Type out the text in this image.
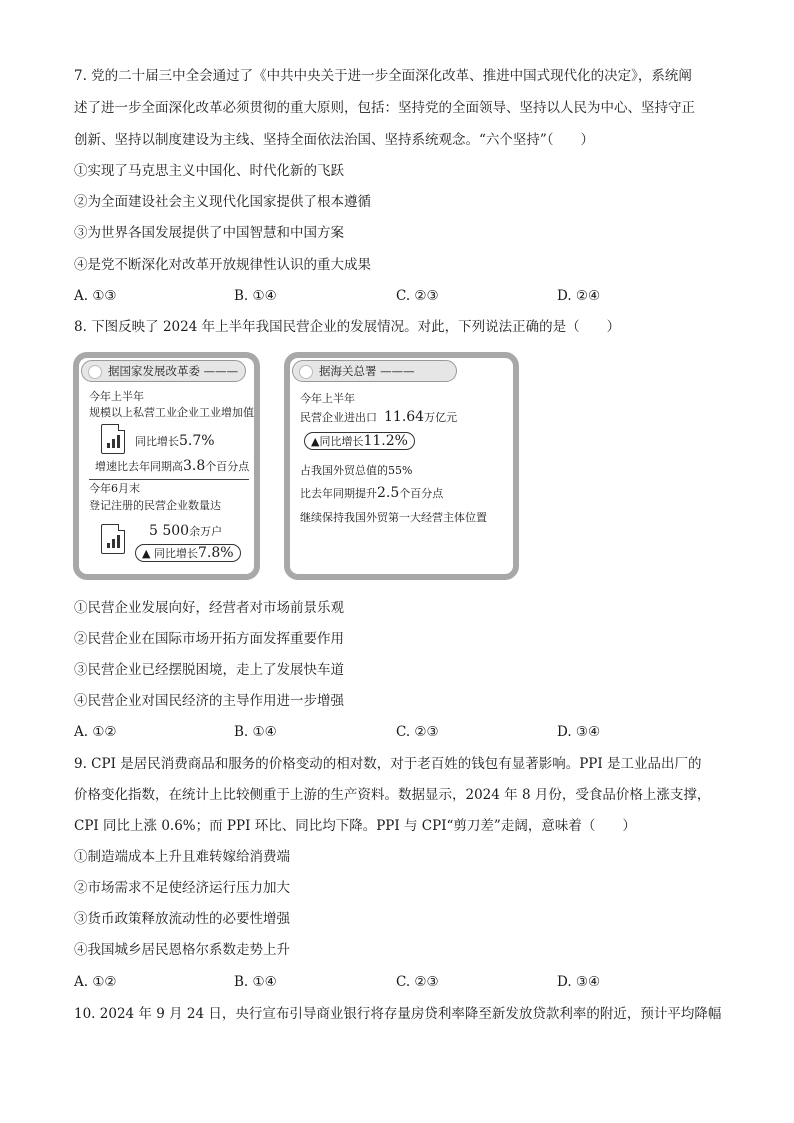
7. 党的二十届三中全会通过了《中共中央关于进一步全面深化改革、推进中国式现代化的决定》，系统阐
述了进一步全面深化改革必须贯彻的重大原则，包括：坚持党的全面领导、坚持以人民为中心、坚持守正
创新、坚持以制度建设为主线、坚持全面依法治国、坚持系统观念。“六个坚持”（　　）
①实现了马克思主义中国化、时代化新的飞跃
②为全面建设社会主义现代化国家提供了根本遵循
③为世界各国发展提供了中国智慧和中国方案
④是党不断深化对改革开放规律性认识的重大成果
A. ①③	B. ①④	C. ②③	D. ②④
8. 下图反映了 2024 年上半年我国民营企业的发展情况。对此，下列说法正确的是（　　）
据国家发展改革委 ———
今年上半年
规模以上私营工业企业工业增加值
同比增长5.7%
增速比去年同期高3.8个百分点
今年6月末
登记注册的民营企业数量达
5 500余万户
▲ 同比增长7.8%
据海关总署 ———
今年上半年
民营企业进出口 11.64万亿元
▲同比增长11.2%
占我国外贸总值的55%
比去年同期提升2.5个百分点
继续保持我国外贸第一大经营主体位置
①民营企业发展向好，经营者对市场前景乐观
②民营企业在国际市场开拓方面发挥重要作用
③民营企业已经摆脱困境，走上了发展快车道
④民营企业对国民经济的主导作用进一步增强
A. ①②	B. ①④	C. ②③	D. ③④
9. CPI 是居民消费商品和服务的价格变动的相对数，对于老百姓的钱包有显著影响。PPI 是工业品出厂的
价格变化指数，在统计上比较侧重于上游的生产资料。数据显示，2024 年 8 月份，受食品价格上涨支撑，
CPI 同比上涨 0.6%；而 PPI 环比、同比均下降。PPI 与 CPI“剪刀差”走阔，意味着（　　）
①制造端成本上升且难转嫁给消费端
②市场需求不足使经济运行压力加大
③货币政策释放流动性的必要性增强
④我国城乡居民恩格尔系数走势上升
A. ①②	B. ①④	C. ②③	D. ③④
10. 2024 年 9 月 24 日，央行宣布引导商业银行将存量房贷利率降至新发放贷款利率的附近，预计平均降幅
